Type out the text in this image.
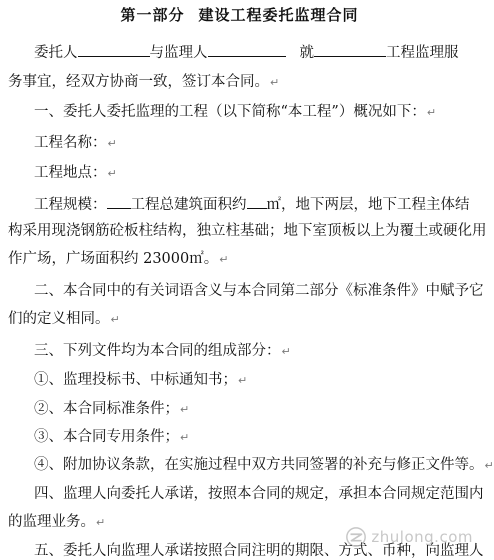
第一部分 建设工程委托监理合同
委托人	与监理人	就	工程监理服
务事宜，经双方协商一致，签订本合同。↵
一、委托人委托监理的工程（以下简称“本工程”）概况如下：↵
工程名称：↵
工程地点：↵
工程规模： 工程总建筑面积约 ㎡，地下两层，地下工程主体结
构采用现浇钢筋砼板柱结构，独立柱基础；地下室顶板以上为覆土或硬化用
作广场，广场面积约 23000㎡。↵
二、本合同中的有关词语含义与本合同第二部分《标准条件》中赋予它
们的定义相同。↵
三、下列文件均为本合同的组成部分：↵
①、监理投标书、中标通知书；↵
②、本合同标准条件；↵
③、本合同专用条件；↵
④、附加协议条款，在实施过程中双方共同签署的补充与修正文件等。↵
四、监理人向委托人承诺，按照本合同的规定，承担本合同规定范围内
的监理业务。↵
五、委托人向监理人承诺按照合同注明的期限、方式、币种，向监理人
zhulong.com
